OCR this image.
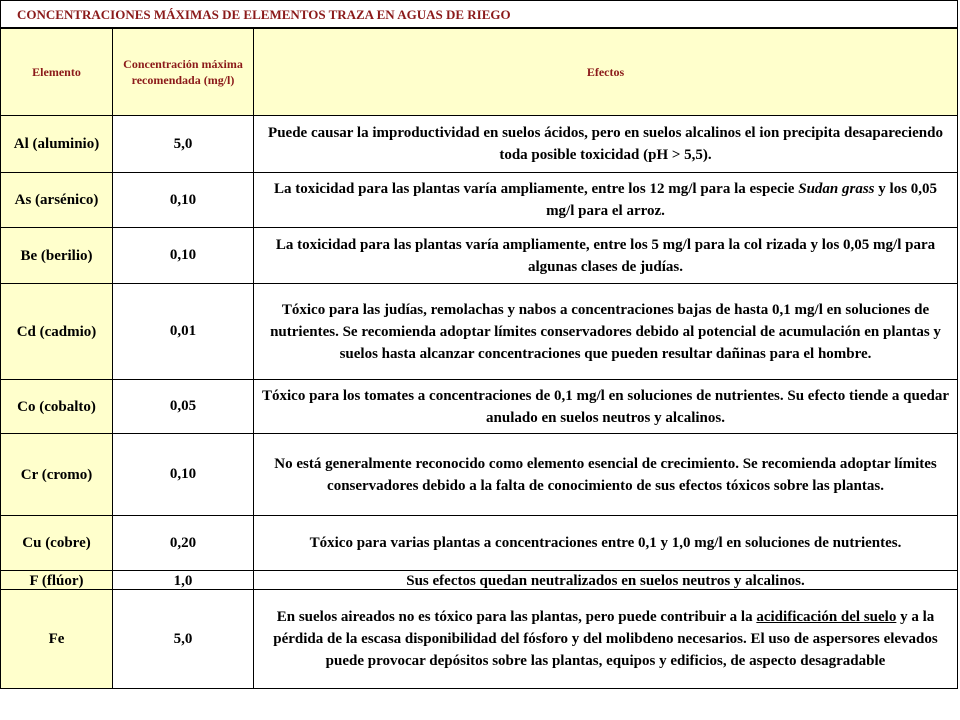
CONCENTRACIONES MÁXIMAS DE ELEMENTOS TRAZA EN AGUAS DE RIEGO
Elemento	Concentración máxima recomendada (mg/l)	Efectos
Al (aluminio)	5,0	Puede causar la improductividad en suelos ácidos, pero en suelos alcalinos el ion precipita desapareciendo toda posible toxicidad (pH > 5,5).
As (arsénico)	0,10	La toxicidad para las plantas varía ampliamente, entre los 12 mg/l para la especie Sudan grass y los 0,05 mg/l para el arroz.
Be (berilio)	0,10	La toxicidad para las plantas varía ampliamente, entre los 5 mg/l para la col rizada y los 0,05 mg/l para algunas clases de judías.
Cd (cadmio)	0,01	Tóxico para las judías, remolachas y nabos a concentraciones bajas de hasta 0,1 mg/l en soluciones de nutrientes. Se recomienda adoptar límites conservadores debido al potencial de acumulación en plantas y suelos hasta alcanzar concentraciones que pueden resultar dañinas para el hombre.
Co (cobalto)	0,05	Tóxico para los tomates a concentraciones de 0,1 mg/l en soluciones de nutrientes. Su efecto tiende a quedar anulado en suelos neutros y alcalinos.
Cr (cromo)	0,10	No está generalmente reconocido como elemento esencial de crecimiento. Se recomienda adoptar límites conservadores debido a la falta de conocimiento de sus efectos tóxicos sobre las plantas.
Cu (cobre)	0,20	Tóxico para varias plantas a concentraciones entre 0,1 y 1,0 mg/l en soluciones de nutrientes.
F (flúor)	1,0	Sus efectos quedan neutralizados en suelos neutros y alcalinos.
Fe	5,0	En suelos aireados no es tóxico para las plantas, pero puede contribuir a la acidificación del suelo y a la pérdida de la escasa disponibilidad del fósforo y del molibdeno necesarios. El uso de aspersores elevados puede provocar depósitos sobre las plantas, equipos y edificios, de aspecto desagradable
